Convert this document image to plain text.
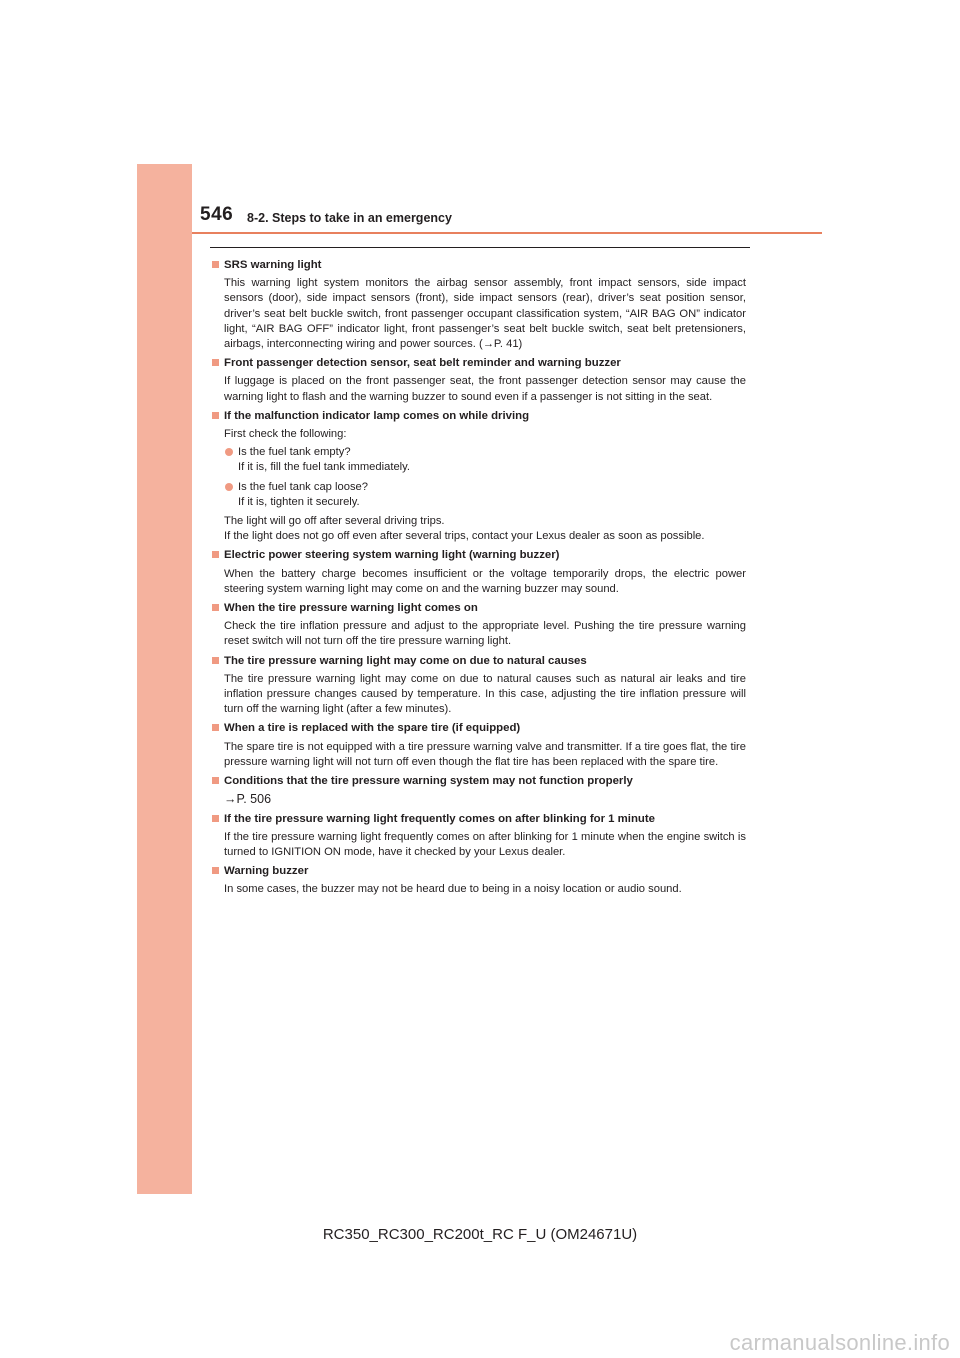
546 8-2. Steps to take in an emergency
SRS warning light
This warning light system monitors the airbag sensor assembly, front impact sensors, side impact sensors (door), side impact sensors (front), side impact sensors (rear), driver’s seat position sensor, driver’s seat belt buckle switch, front passenger occupant classification system, “AIR BAG ON” indicator light, “AIR BAG OFF” indicator light, front passenger’s seat belt buckle switch, seat belt pretensioners, airbags, interconnecting wiring and power sources. (→P. 41)
Front passenger detection sensor, seat belt reminder and warning buzzer
If luggage is placed on the front passenger seat, the front passenger detection sensor may cause the warning light to flash and the warning buzzer to sound even if a passenger is not sitting in the seat.
If the malfunction indicator lamp comes on while driving
First check the following:
Is the fuel tank empty?
If it is, fill the fuel tank immediately.
Is the fuel tank cap loose?
If it is, tighten it securely.
The light will go off after several driving trips.
If the light does not go off even after several trips, contact your Lexus dealer as soon as possible.
Electric power steering system warning light (warning buzzer)
When the battery charge becomes insufficient or the voltage temporarily drops, the electric power steering system warning light may come on and the warning buzzer may sound.
When the tire pressure warning light comes on
Check the tire inflation pressure and adjust to the appropriate level. Pushing the tire pressure warning reset switch will not turn off the tire pressure warning light.
The tire pressure warning light may come on due to natural causes
The tire pressure warning light may come on due to natural causes such as natural air leaks and tire inflation pressure changes caused by temperature. In this case, adjusting the tire inflation pressure will turn off the warning light (after a few minutes).
When a tire is replaced with the spare tire (if equipped)
The spare tire is not equipped with a tire pressure warning valve and transmitter. If a tire goes flat, the tire pressure warning light will not turn off even though the flat tire has been replaced with the spare tire.
Conditions that the tire pressure warning system may not function properly
→P. 506
If the tire pressure warning light frequently comes on after blinking for 1 minute
If the tire pressure warning light frequently comes on after blinking for 1 minute when the engine switch is turned to IGNITION ON mode, have it checked by your Lexus dealer.
Warning buzzer
In some cases, the buzzer may not be heard due to being in a noisy location or audio sound.
RC350_RC300_RC200t_RC F_U (OM24671U)
carmanualsonline.info
